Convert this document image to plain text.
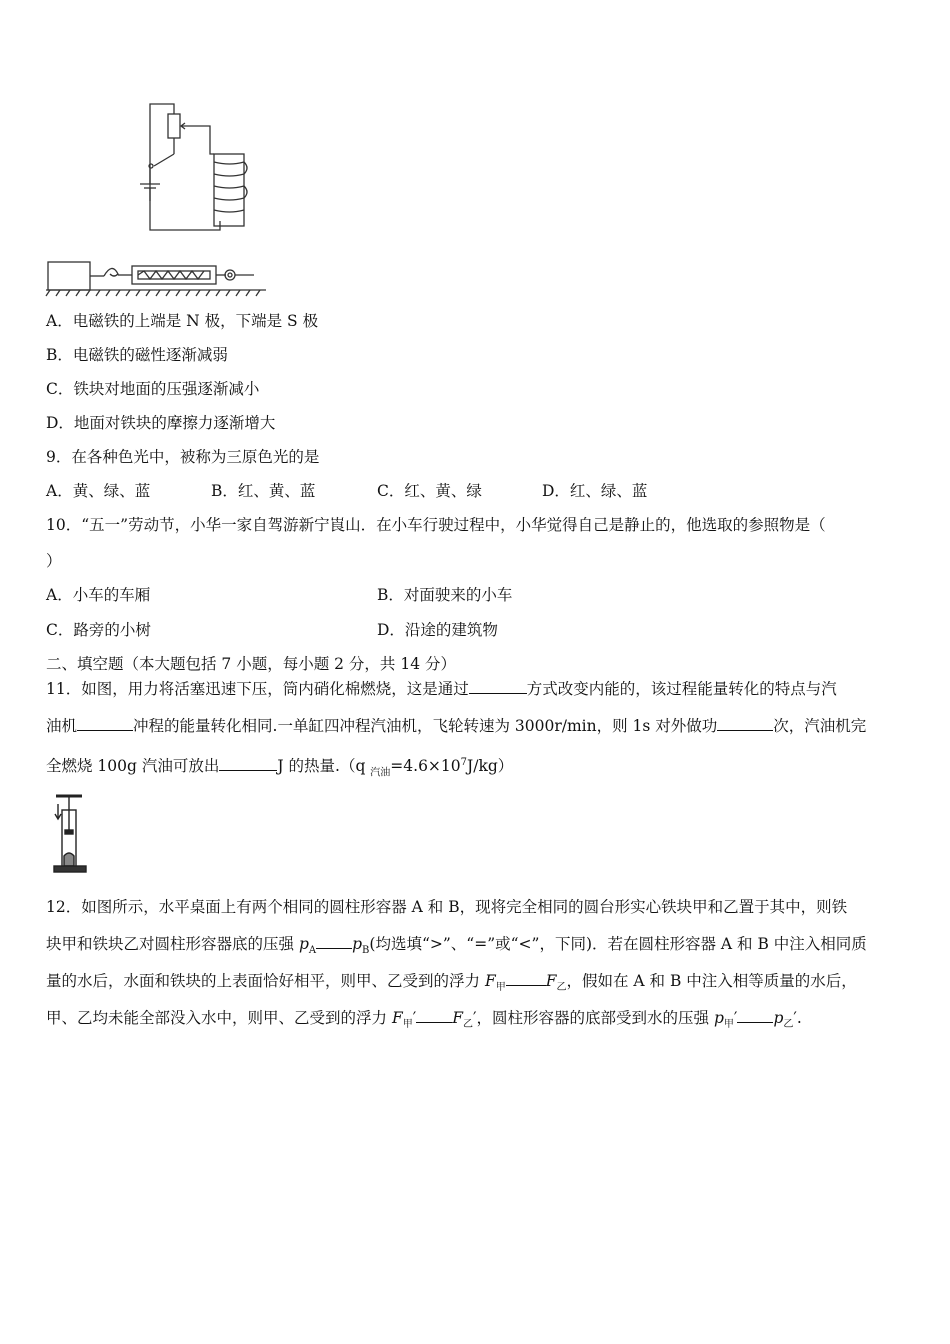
A．电磁铁的上端是 N 极，下端是 S 极
B．电磁铁的磁性逐渐减弱
C．铁块对地面的压强逐渐减小
D．地面对铁块的摩擦力逐渐增大
9．在各种色光中，被称为三原色光的是
A．黄、绿、蓝	B．红、黄、蓝	C．红、黄、绿	D．红、绿、蓝
10．“五一”劳动节，小华一家自驾游新宁崀山．在小车行驶过程中，小华觉得自己是静止的，他选取的参照物是（
）
A．小车的车厢	B．对面驶来的小车
C．路旁的小树	D．沿途的建筑物
二、填空题（本大题包括 7 小题，每小题 2 分，共 14 分）
11．如图，用力将活塞迅速下压，筒内硝化棉燃烧，这是通过	方式改变内能的，该过程能量转化的特点与汽
油机	冲程的能量转化相同.一单缸四冲程汽油机，飞轮转速为 3000r/min，则 1s 对外做功	次，汽油机完
全燃烧 100g 汽油可放出	J 的热量.（q $_{汽油}=4.6\times 10^7J/kg$）
12．如图所示，水平桌面上有两个相同的圆柱形容器 A 和 B，现将完全相同的圆台形实心铁块甲和乙置于其中，则铁
块甲和铁块乙对圆柱形容器底的压强 $p_A$ $p_B$(均选填“>”、“=”或“<”，下同)．若在圆柱形容器 A 和 B 中注入相同质
量的水后，水面和铁块的上表面恰好相平，则甲、乙受到的浮力 $F_甲$	$F_乙$，假如在 A 和 B 中注入相等质量的水后，
甲、乙均未能全部没入水中，则甲、乙受到的浮力 $F_甲'$ $F_乙'$，圆柱形容器的底部受到水的压强 $p_甲'$ $p_乙'$.
